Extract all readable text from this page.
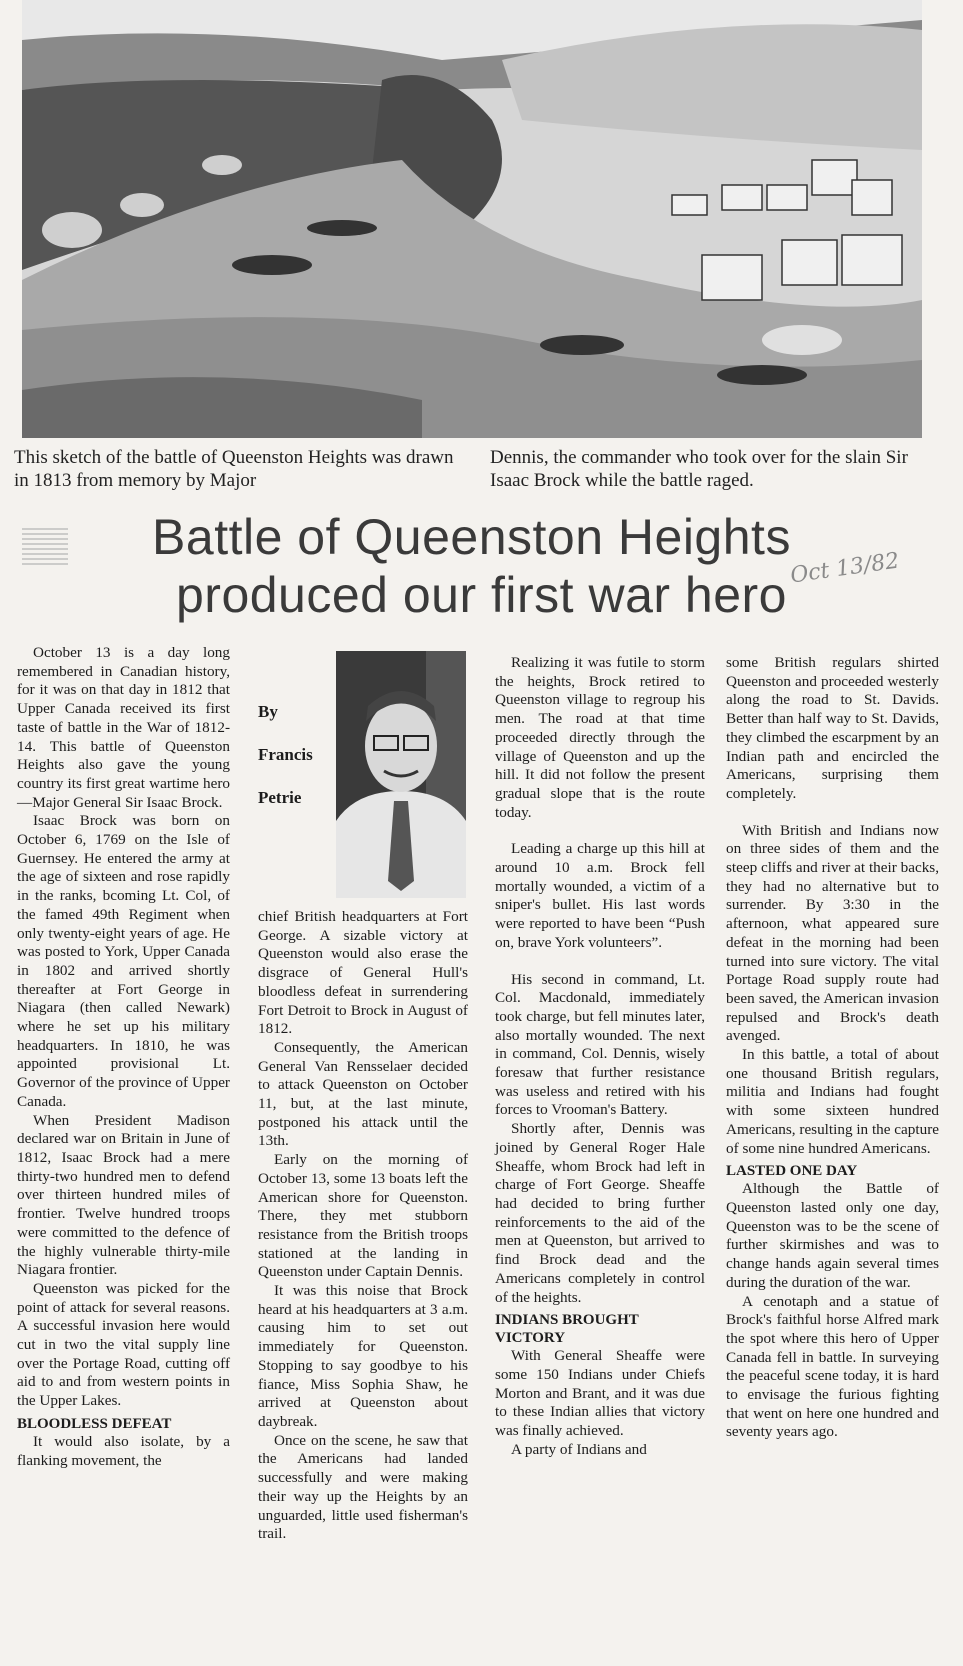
This sketch of the battle of Queenston Heights was drawn in 1813 from memory by Major
Dennis, the commander who took over for the slain Sir Isaac Brock while the battle raged.
Battle of Queenston Heights
produced our first war hero Oct 13/82
By
Francis
Petrie

October 13 is a day long remembered in Canadian history, for it was on that day in 1812 that Upper Canada received its first taste of battle in the War of 1812-14. This battle of Queenston Heights also gave the young country its first great wartime hero—Major General Sir Isaac Brock.

Isaac Brock was born on October 6, 1769 on the Isle of Guernsey. He entered the army at the age of sixteen and rose rapidly in the ranks, bcoming Lt. Col, of the famed 49th Regiment when only twenty-eight years of age. He was posted to York, Upper Canada in 1802 and arrived shortly thereafter at Fort George in Niagara (then called Newark) where he set up his military headquarters. In 1810, he was appointed provisional Lt. Governor of the province of Upper Canada.

When President Madison declared war on Britain in June of 1812, Isaac Brock had a mere thirty-two hundred men to defend over thirteen hundred miles of frontier. Twelve hundred troops were committed to the defence of the highly vulnerable thirty-mile Niagara frontier.

Queenston was picked for the point of attack for several reasons. A successful invasion here would cut in two the vital supply line over the Portage Road, cutting off aid to and from western points in the Upper Lakes.

BLOODLESS DEFEAT

It would also isolate, by a flanking movement, the

chief British headquarters at Fort George. A sizable victory at Queenston would also erase the disgrace of General Hull's bloodless defeat in surrendering Fort Detroit to Brock in August of 1812.

Consequently, the American General Van Rensselaer decided to attack Queenston on October 11, but, at the last minute, postponed his attack until the 13th.

Early on the morning of October 13, some 13 boats left the American shore for Queenston. There, they met stubborn resistance from the British troops stationed at the landing in Queenston under Captain Dennis.

It was this noise that Brock heard at his headquarters at 3 a.m. causing him to set out immediately for Queenston. Stopping to say goodbye to his fiance, Miss Sophia Shaw, he arrived at Queenston about daybreak.

Once on the scene, he saw that the Americans had landed successfully and were making their way up the Heights by an unguarded, little used fisherman's trail.

Realizing it was futile to storm the heights, Brock retired to Queenston village to regroup his men. The road at that time proceeded directly through the village of Queenston and up the hill. It did not follow the present gradual slope that is the route today.

Leading a charge up this hill at around 10 a.m. Brock fell mortally wounded, a victim of a sniper's bullet. His last words were reported to have been “Push on, brave York volunteers”.

His second in command, Lt. Col. Macdonald, immediately took charge, but fell minutes later, also mortally wounded. The next in command, Col. Dennis, wisely foresaw that further resistance was useless and retired with his forces to Vrooman's Battery.

Shortly after, Dennis was joined by General Roger Hale Sheaffe, whom Brock had left in charge of Fort George. Sheaffe had decided to bring further reinforcements to the aid of the men at Queenston, but arrived to find Brock dead and the Americans completely in control of the heights.

INDIANS BROUGHT VICTORY

With General Sheaffe were some 150 Indians under Chiefs Morton and Brant, and it was due to these Indian allies that victory was finally achieved.

A party of Indians and

some British regulars shirted Queenston and proceeded westerly along the road to St. Davids. Better than half way to St. Davids, they climbed the escarpment by an Indian path and encircled the Americans, surprising them completely.

With British and Indians now on three sides of them and the steep cliffs and river at their backs, they had no alternative but to surrender. By 3:30 in the afternoon, what appeared sure defeat in the morning had been turned into sure victory. The vital Portage Road supply route had been saved, the American invasion repulsed and Brock's death avenged.

In this battle, a total of about one thousand British regulars, militia and Indians had fought with some sixteen hundred Americans, resulting in the capture of some nine hundred Americans.

LASTED ONE DAY

Although the Battle of Queenston lasted only one day, Queenston was to be the scene of further skirmishes and was to change hands again several times during the duration of the war.

A cenotaph and a statue of Brock's faithful horse Alfred mark the spot where this hero of Upper Canada fell in battle. In surveying the peaceful scene today, it is hard to envisage the furious fighting that went on here one hundred and seventy years ago.
